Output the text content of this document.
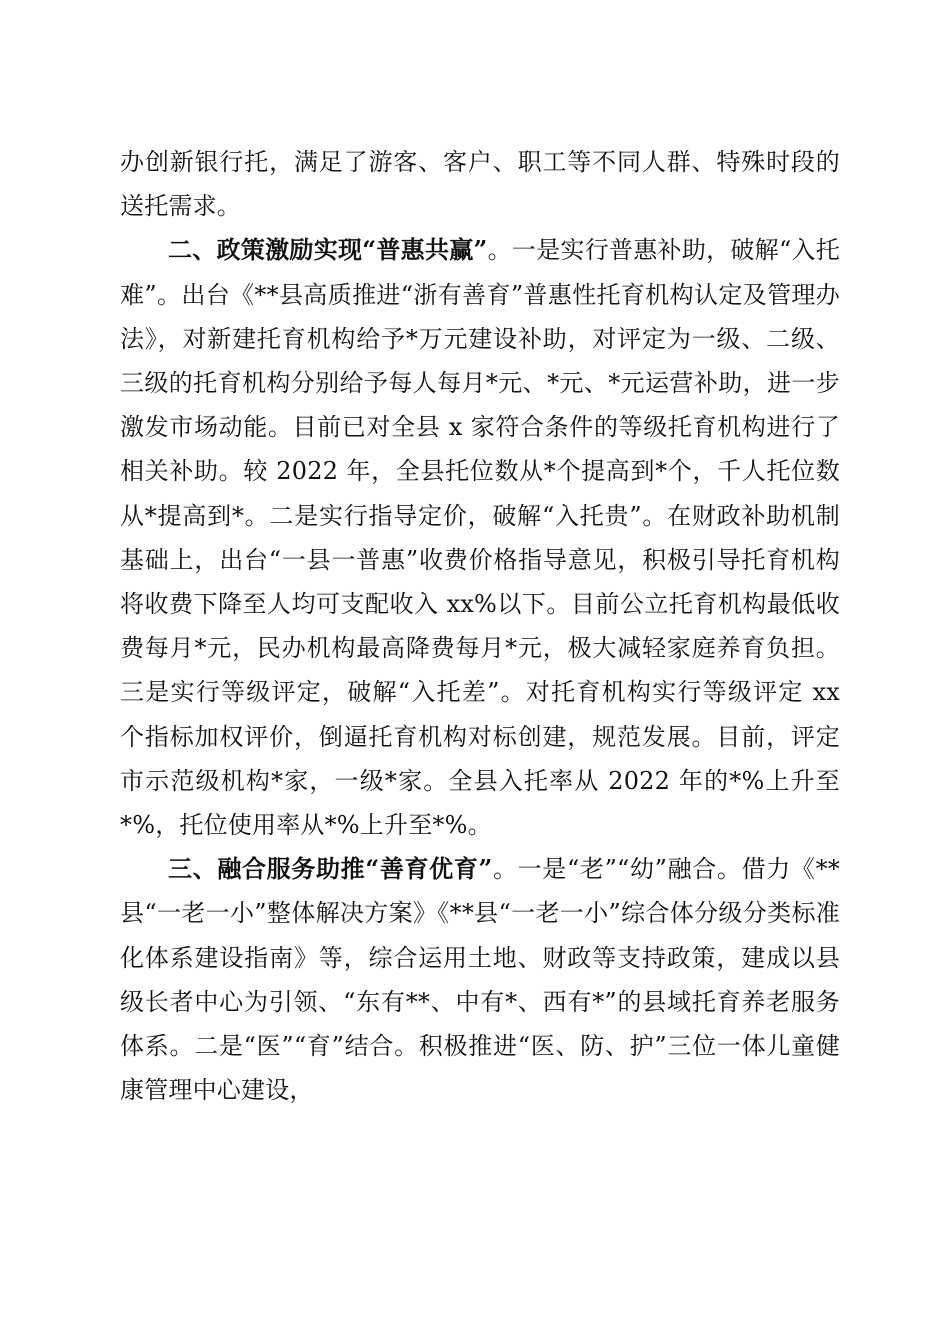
办创新银行托，满足了游客、客户、职工等不同人群、特殊时段的送托需求。

二、政策激励实现“普惠共赢”。一是实行普惠补助，破解“入托难”。出台《**县高质推进“浙有善育”普惠性托育机构认定及管理办法》，对新建托育机构给予*万元建设补助，对评定为一级、二级、三级的托育机构分别给予每人每月*元、*元、*元运营补助，进一步激发市场动能。目前已对全县 x 家符合条件的等级托育机构进行了相关补助。较 2022 年，全县托位数从*个提高到*个，千人托位数从*提高到*。二是实行指导定价，破解“入托贵”。在财政补助机制基础上，出台“一县一普惠”收费价格指导意见，积极引导托育机构将收费下降至人均可支配收入 xx%以下。目前公立托育机构最低收费每月*元，民办机构最高降费每月*元，极大减轻家庭养育负担。三是实行等级评定，破解“入托差”。对托育机构实行等级评定 xx 个指标加权评价，倒逼托育机构对标创建，规范发展。目前，评定市示范级机构*家，一级*家。全县入托率从 2022 年的*%上升至*%，托位使用率从*%上升至*%。

三、融合服务助推“善育优育”。一是“老”“幼”融合。借力《**县“一老一小”整体解决方案》《**县“一老一小”综合体分级分类标准化体系建设指南》等，综合运用土地、财政等支持政策，建成以县级长者中心为引领、“东有**、中有*、西有*”的县域托育养老服务体系。二是“医”“育”结合。积极推进“医、防、护”三位一体儿童健康管理中心建设，
